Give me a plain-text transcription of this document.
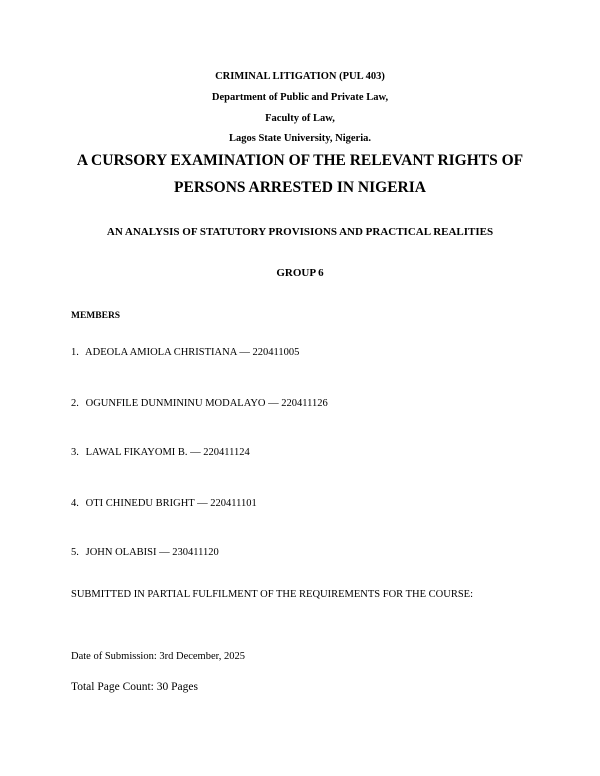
CRIMINAL LITIGATION (PUL 403)
Department of Public and Private Law,
Faculty of Law,
Lagos State University, Nigeria.
A CURSORY EXAMINATION OF THE RELEVANT RIGHTS OF
PERSONS ARRESTED IN NIGERIA
AN ANALYSIS OF STATUTORY PROVISIONS AND PRACTICAL REALITIES
GROUP 6
MEMBERS
1. ADEOLA AMIOLA CHRISTIANA — 220411005
2. OGUNFILE DUNMININU MODALAYO — 220411126
3. LAWAL FIKAYOMI B. — 220411124
4. OTI CHINEDU BRIGHT — 220411101
5. JOHN OLABISI — 230411120
SUBMITTED IN PARTIAL FULFILMENT OF THE REQUIREMENTS FOR THE COURSE:
Date of Submission: 3rd December, 2025
Total Page Count: 30 Pages
